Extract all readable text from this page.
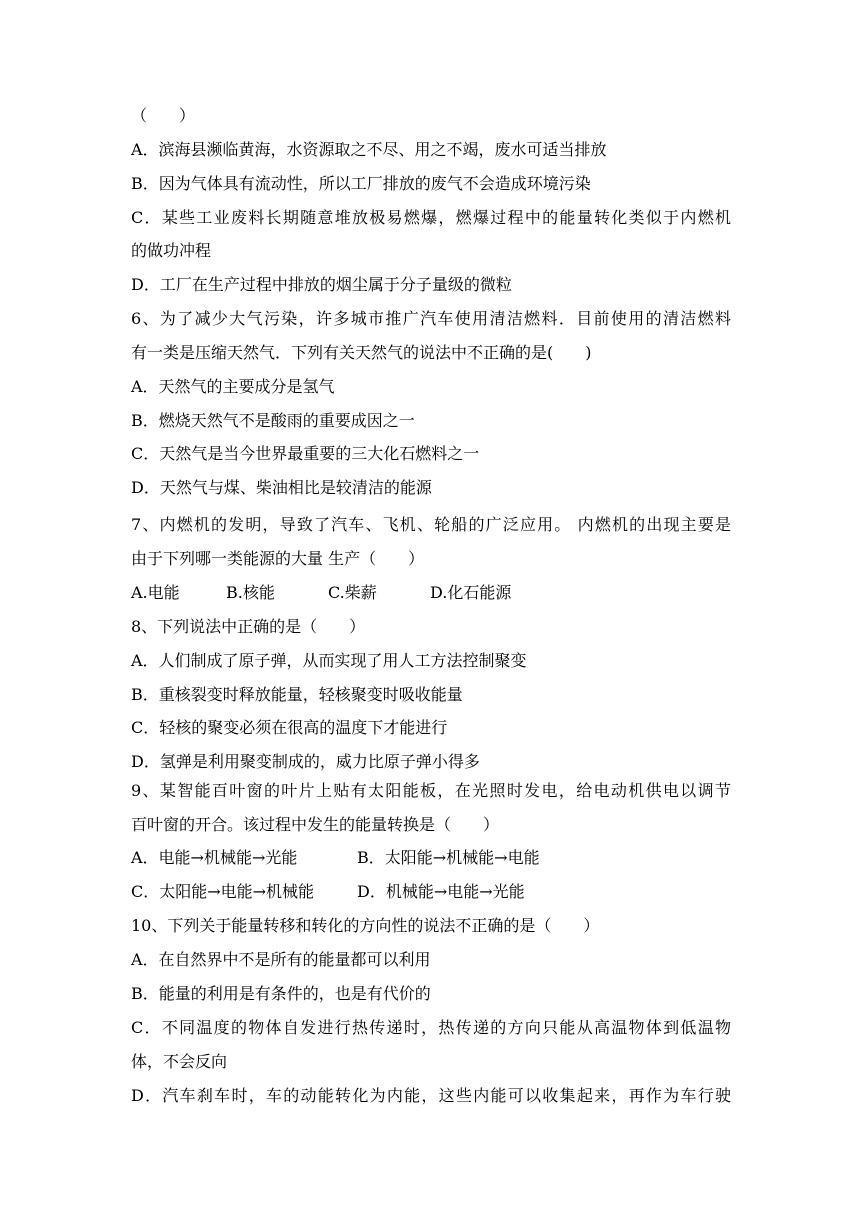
（　　）
A．滨海县濒临黄海，水资源取之不尽、用之不竭，废水可适当排放
B．因为气体具有流动性，所以工厂排放的废气不会造成环境污染
C．某些工业废料长期随意堆放极易燃爆，燃爆过程中的能量转化类似于内燃机
的做功冲程
D．工厂在生产过程中排放的烟尘属于分子量级的微粒
6、为了减少大气污染，许多城市推广汽车使用清洁燃料．目前使用的清洁燃料
有一类是压缩天然气．下列有关天然气的说法中不正确的是(　　)
A．天然气的主要成分是氢气
B．燃烧天然气不是酸雨的重要成因之一
C．天然气是当今世界最重要的三大化石燃料之一
D．天然气与煤、柴油相比是较清洁的能源
7、内燃机的发明，导致了汽车、飞机、轮船的广泛应用。 内燃机的出现主要是
由于下列哪一类能源的大量 生产（　　）
A.电能	B.核能	C.柴薪	D.化石能源
8、下列说法中正确的是（　　）
A．人们制成了原子弹，从而实现了用人工方法控制聚变
B．重核裂变时释放能量，轻核聚变时吸收能量
C．轻核的聚变必须在很高的温度下才能进行
D．氢弹是利用聚变制成的，威力比原子弹小得多
9、某智能百叶窗的叶片上贴有太阳能板，在光照时发电，给电动机供电以调节
百叶窗的开合。该过程中发生的能量转换是（　　）
A．电能→机械能→光能	B．太阳能→机械能→电能
C．太阳能→电能→机械能	D．机械能→电能→光能
10、下列关于能量转移和转化的方向性的说法不正确的是（　　）
A．在自然界中不是所有的能量都可以利用
B．能量的利用是有条件的，也是有代价的
C．不同温度的物体自发进行热传递时，热传递的方向只能从高温物体到低温物
体，不会反向
D．汽车刹车时，车的动能转化为内能，这些内能可以收集起来，再作为车行驶
